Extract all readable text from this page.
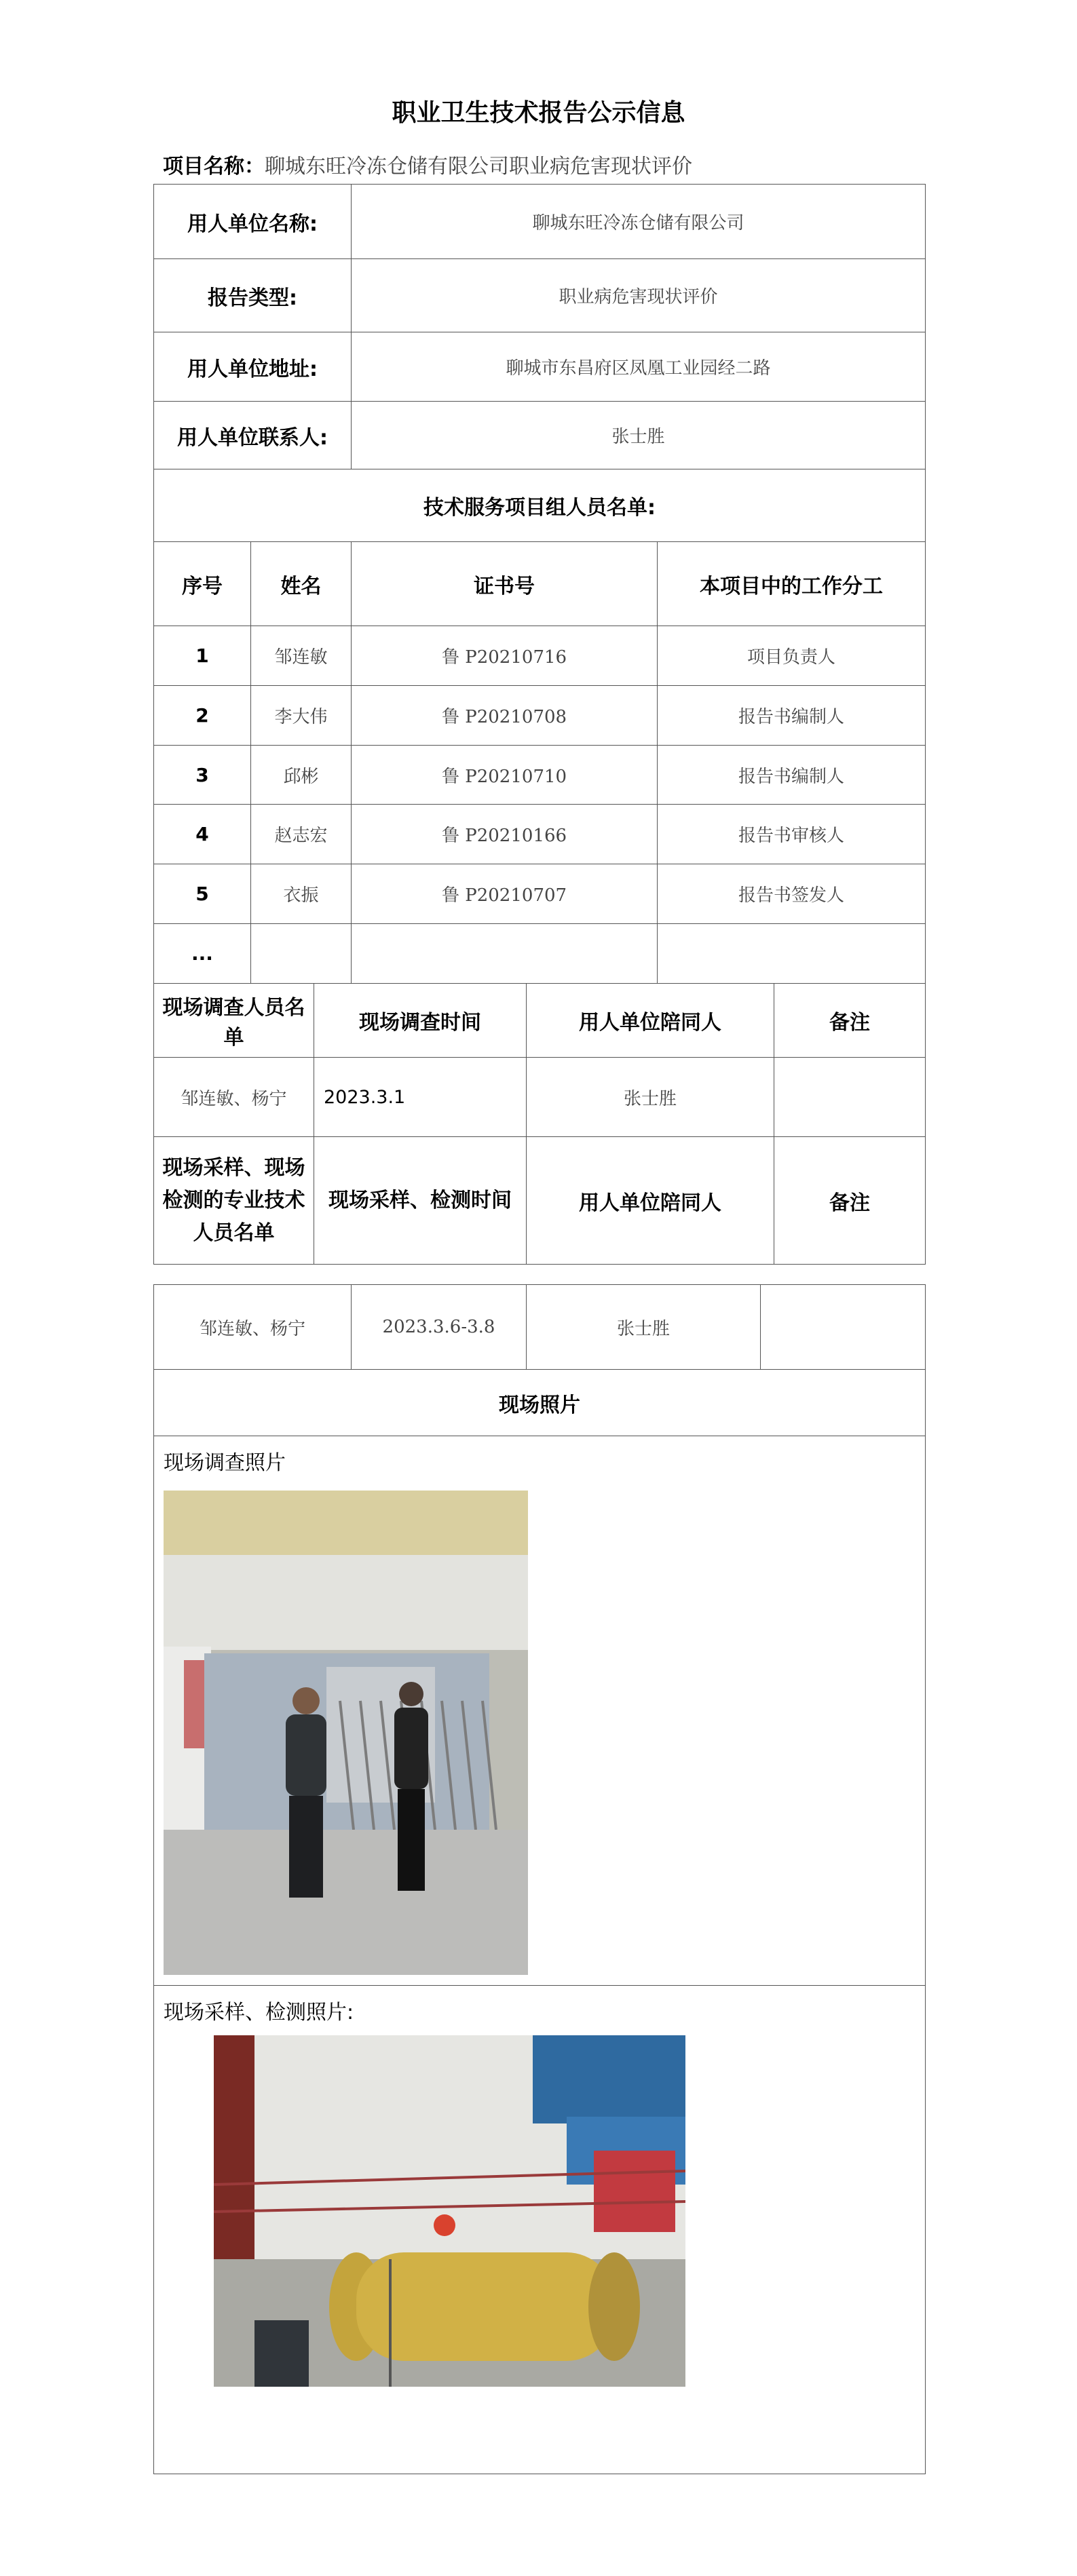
职业卫生技术报告公示信息
项目名称：聊城东旺冷冻仓储有限公司职业病危害现状评价
用人单位名称:			聊城东旺冷冻仓储有限公司			
报告类型:			职业病危害现状评价			
用人单位地址:			聊城市东昌府区凤凰工业园经二路			
用人单位联系人:			张士胜			
技术服务项目组人员名单:						
序号	姓名		证书号		本项目中的工作分工	
1	邹连敏		鲁 P20210716		项目负责人	
2	李大伟		鲁 P20210708		报告书编制人	
3	邱彬		鲁 P20210710		报告书编制人	
4	赵志宏		鲁 P20210166		报告书审核人	
5	衣振		鲁 P20210707		报告书签发人	
...						
现场调查人员名单		现场调查时间		用人单位陪同人		备注
邹连敏、杨宁		2023.3.1		张士胜		
现场采样、现场检测的专业技术人员名单		现场采样、检测时间		用人单位陪同人		备注
邹连敏、杨宁	2023.3.6-3.8	张士胜	
现场照片

现场调查照片

现场采样、检测照片:
